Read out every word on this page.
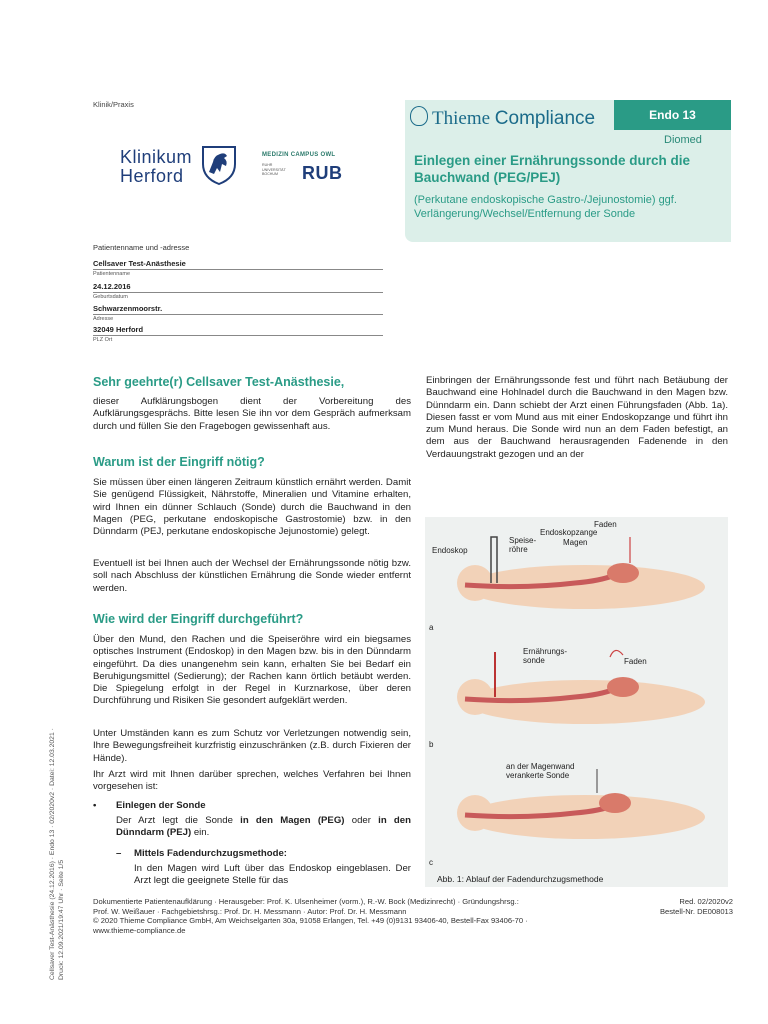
Klinik/Praxis
Klinikum
Herford
MEDIZIN CAMPUS OWL
RUHR
UNIVERSITÄT
BOCHUM	RUB
Thieme Compliance	Endo 13
Diomed
Einlegen einer Ernährungssonde durch die Bauchwand (PEG/PEJ)
(Perkutane endoskopische Gastro-/Jejunostomie) ggf. Verlängerung/Wechsel/Entfernung der Sonde
Patientenname und -adresse
Cellsaver Test-Anästhesie
Patientenname
24.12.2016
Geburtsdatum
Schwarzenmoorstr.
Adresse
32049 Herford
PLZ Ort
Sehr geehrte(r) Cellsaver Test-Anästhesie,
dieser Aufklärungsbogen dient der Vorbereitung des Aufklärungsgesprächs. Bitte lesen Sie ihn vor dem Gespräch aufmerksam durch und füllen Sie den Fragebogen gewissenhaft aus.
Warum ist der Eingriff nötig?
Sie müssen über einen längeren Zeitraum künstlich ernährt werden. Damit Sie genügend Flüssigkeit, Nährstoffe, Mineralien und Vitamine erhalten, wird Ihnen ein dünner Schlauch (Sonde) durch die Bauchwand in den Magen (PEG, perkutane endoskopische Gastrostomie) bzw. in den Dünndarm (PEJ, perkutane endoskopische Jejunostomie) gelegt.
Eventuell ist bei Ihnen auch der Wechsel der Ernährungssonde nötig bzw. soll nach Abschluss der künstlichen Ernährung die Sonde wieder entfernt werden.
Wie wird der Eingriff durchgeführt?
Über den Mund, den Rachen und die Speiseröhre wird ein biegsames optisches Instrument (Endoskop) in den Magen bzw. bis in den Dünndarm eingeführt. Da dies unangenehm sein kann, erhalten Sie bei Bedarf ein Beruhigungsmittel (Sedierung); der Rachen kann örtlich betäubt werden. Die Spiegelung erfolgt in der Regel in Kurznarkose, über deren Durchführung und Risiken Sie gesondert aufgeklärt werden.
Unter Umständen kann es zum Schutz vor Verletzungen notwendig sein, Ihre Bewegungsfreiheit kurzfristig einzuschränken (z.B. durch Fixieren der Hände).
Ihr Arzt wird mit Ihnen darüber sprechen, welches Verfahren bei Ihnen vorgesehen ist:
• Einlegen der Sonde
Der Arzt legt die Sonde in den Magen (PEG) oder in den Dünndarm (PEJ) ein.
– Mittels Fadendurchzugsmethode:
In den Magen wird Luft über das Endoskop eingeblasen. Der Arzt legt die geeignete Stelle für das
Einbringen der Ernährungssonde fest und führt nach Betäubung der Bauchwand eine Hohlnadel durch die Bauchwand in den Magen bzw. Dünndarm ein. Dann schiebt der Arzt einen Führungsfaden (Abb. 1a). Diesen fasst er vom Mund aus mit einer Endoskopzange und führt ihn zum Mund heraus. Die Sonde wird nun an dem Faden befestigt, an dem aus der Bauchwand herausragenden Fadenende in den Verdauungstrakt gezogen und an der
a
b
c
Endoskop
Speise-
röhre
Endoskopzange
Magen
Faden
Ernährungs-
sonde	Faden
an der Magenwand
verankerte Sonde
Abb. 1: Ablauf der Fadendurchzugsmethode
Dokumentierte Patientenaufklärung · Herausgeber: Prof. K. Ulsenheimer (vorm.), R.-W. Bock (Medizinrecht) · Gründungshrsg.:	Red. 02/2020v2
Prof. W. Weißauer · Fachgebietshrsg.: Prof. Dr. H. Messmann · Autor: Prof. Dr. H. Messmann	Bestell-Nr. DE008013
© 2020 Thieme Compliance GmbH, Am Weichselgarten 30a, 91058 Erlangen, Tel. +49 (0)9131 93406-40, Bestell-Fax 93406-70 ·
www.thieme-compliance.de
Cellsaver Test-Anästhesie (24.12.2016) · Endo 13 · 02/2020v2 · Datei: 12.03.2021 · Druck: 12.09.2021/19:47 Uhr · Seite 1/5
